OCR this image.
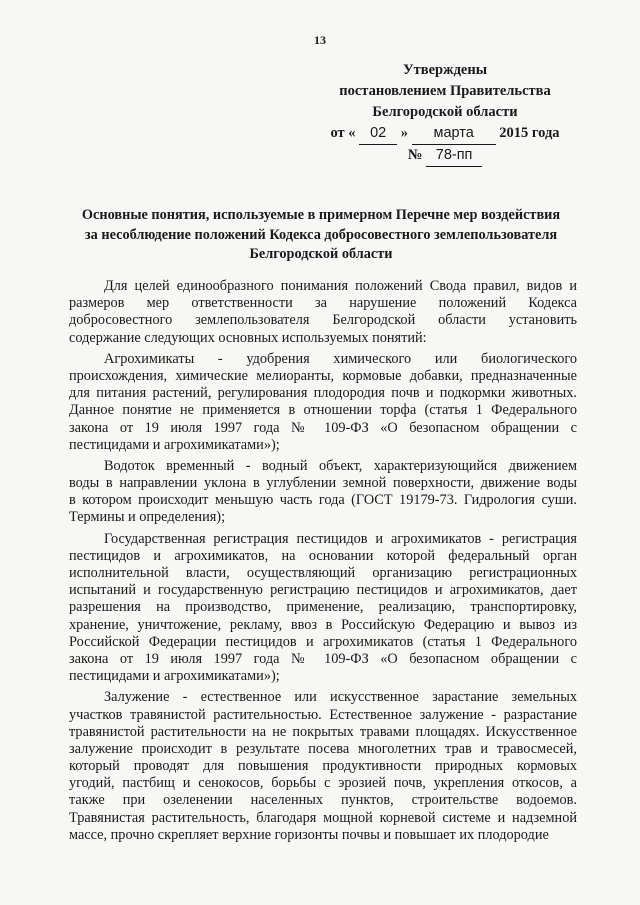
13
Утверждены
постановлением Правительства
Белгородской области
от « 02 » марта 2015 года
№ 78-пп
Основные понятия, используемые в примерном Перечне мер воздействия
за несоблюдение положений Кодекса добросовестного землепользователя
Белгородской области
Для целей единообразного понимания положений Свода правил, видов и
размеров мер ответственности за нарушение положений Кодекса
добросовестного землепользователя Белгородской области установить
содержание следующих основных используемых понятий:
Агрохимикаты - удобрения химического или биологического
происхождения, химические мелиоранты, кормовые добавки, предназначенные
для питания растений, регулирования плодородия почв и подкормки животных.
Данное понятие не применяется в отношении торфа (статья 1 Федерального
закона от 19 июля 1997 года № 109-ФЗ «О безопасном обращении с
пестицидами и агрохимикатами»);
Водоток временный - водный объект, характеризующийся движением
воды в направлении уклона в углублении земной поверхности, движение воды
в котором происходит меньшую часть года (ГОСТ 19179-73. Гидрология суши.
Термины и определения);
Государственная регистрация пестицидов и агрохимикатов - регистрация
пестицидов и агрохимикатов, на основании которой федеральный орган
исполнительной власти, осуществляющий организацию регистрационных
испытаний и государственную регистрацию пестицидов и агрохимикатов, дает
разрешения на производство, применение, реализацию, транспортировку,
хранение, уничтожение, рекламу, ввоз в Российскую Федерацию и вывоз из
Российской Федерации пестицидов и агрохимикатов (статья 1 Федерального
закона от 19 июля 1997 года № 109-ФЗ «О безопасном обращении с
пестицидами и агрохимикатами»);
Залужение - естественное или искусственное зарастание земельных
участков травянистой растительностью. Естественное залужение - разрастание
травянистой растительности на не покрытых травами площадях. Искусственное
залужение происходит в результате посева многолетних трав и травосмесей,
который проводят для повышения продуктивности природных кормовых
угодий, пастбищ и сенокосов, борьбы с эрозией почв, укрепления откосов, а
также при озеленении населенных пунктов, строительстве водоемов.
Травянистая растительность, благодаря мощной корневой системе и надземной
массе, прочно скрепляет верхние горизонты почвы и повышает их плодородие
